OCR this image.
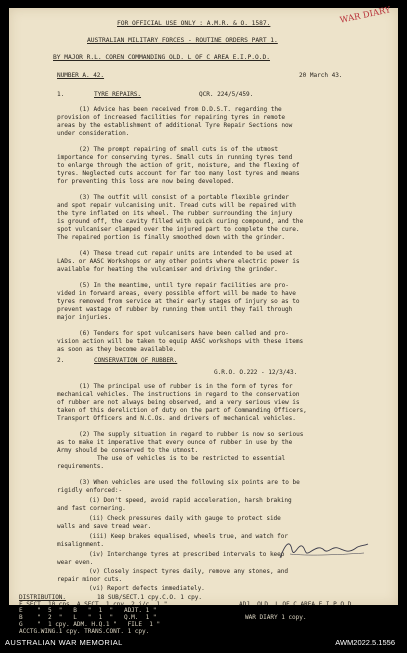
WAR DIARY
FOR OFFICIAL USE ONLY : A.M.R. & O. 1587.
AUSTRALIAN MILITARY FORCES - ROUTINE ORDERS PART 1.
BY MAJOR R.L. COREN COMMANDING OLD. L OF C AREA E.I.P.O.D.
NUMBER A. 42.	20 March 43.
1.	TYRE REPAIRS.	QCR. 224/5/459.
(1) Advice has been received from D.D.S.T. regarding the
provision of increased facilities for repairing tyres in remote
areas by the establishment of additional Tyre Repair Sections now
under consideration.
(2) The prompt repairing of small cuts is of the utmost
importance for conserving tyres. Small cuts in running tyres tend
to enlarge through the action of grit, moisture, and the flexing of
tyres. Neglected cuts account for far too many lost tyres and means
for preventing this loss are now being developed.
(3) The outfit will consist of a portable flexible grinder
and spot repair vulcanising unit. Tread cuts will be repaired with
the tyre inflated on its wheel. The rubber surrounding the injury
is ground off, the cavity filled with quick curing compound, and the
spot vulcaniser clamped over the injured part to complete the cure.
The repaired portion is finally smoothed down with the grinder.
(4) These tread cut repair units are intended to be used at
LADs. or AASC Workshops or any other points where electric power is
available for heating the vulcaniser and driving the grinder.
(5) In the meantime, until tyre repair facilities are pro-
vided in forward areas, every possible effort will be made to have
tyres removed from service at their early stages of injury so as to
prevent wastage of rubber by running them until they fail through
major injuries.
(6) Tenders for spot vulcanisers have been called and pro-
vision action will be taken to equip AASC workshops with these items
as soon as they become available.
2.	CONSERVATION OF RUBBER.
G.R.O. O.222 - 12/3/43.
(1) The principal use of rubber is in the form of tyres for
mechanical vehicles. The instructions in regard to the conservation
of rubber are not always being observed, and a very serious view is
taken of this dereliction of duty on the part of Commanding Officers,
Transport Officers and N.C.Os. and drivers of mechanical vehicles.
(2) The supply situation in regard to rubber is now so serious
as to make it imperative that every ounce of rubber in use by the
Army should be conserved to the utmost.
The use of vehicles is to be restricted to essential
requirements.
(3) When vehicles are used the following six points are to be
rigidly enforced:-
(i) Don't speed, avoid rapid acceleration, harsh braking
and fast cornering.
(ii) Check pressures daily with gauge to protect side
walls and save tread wear.
(iii) Keep brakes equalised, wheels true, and watch for
misalignment.
(iv) Interchange tyres at prescribed intervals to keep
wear even.
(v) Closely inspect tyres daily, remove any stones, and
repair minor cuts.
(vi) Report defects immediately.
DISTRIBUTION.	18 SUB/SECT.1 cpy.C.O. 1 cpy.
E    "  5  "   B   "  1  "   ADJT. 1 "
B    "  2  "   L   "  1  "   Q.M.  1 "
G    "  1 cpy. ADM. H.Q.1 "   FILE  1 "
ACCTG.WING.1 cpy. TRANS.CONT. 1 cpy.
WAR DIARY 1 copy.
AUSTRALIAN WAR MEMORIAL	AWM2022.5.1556
